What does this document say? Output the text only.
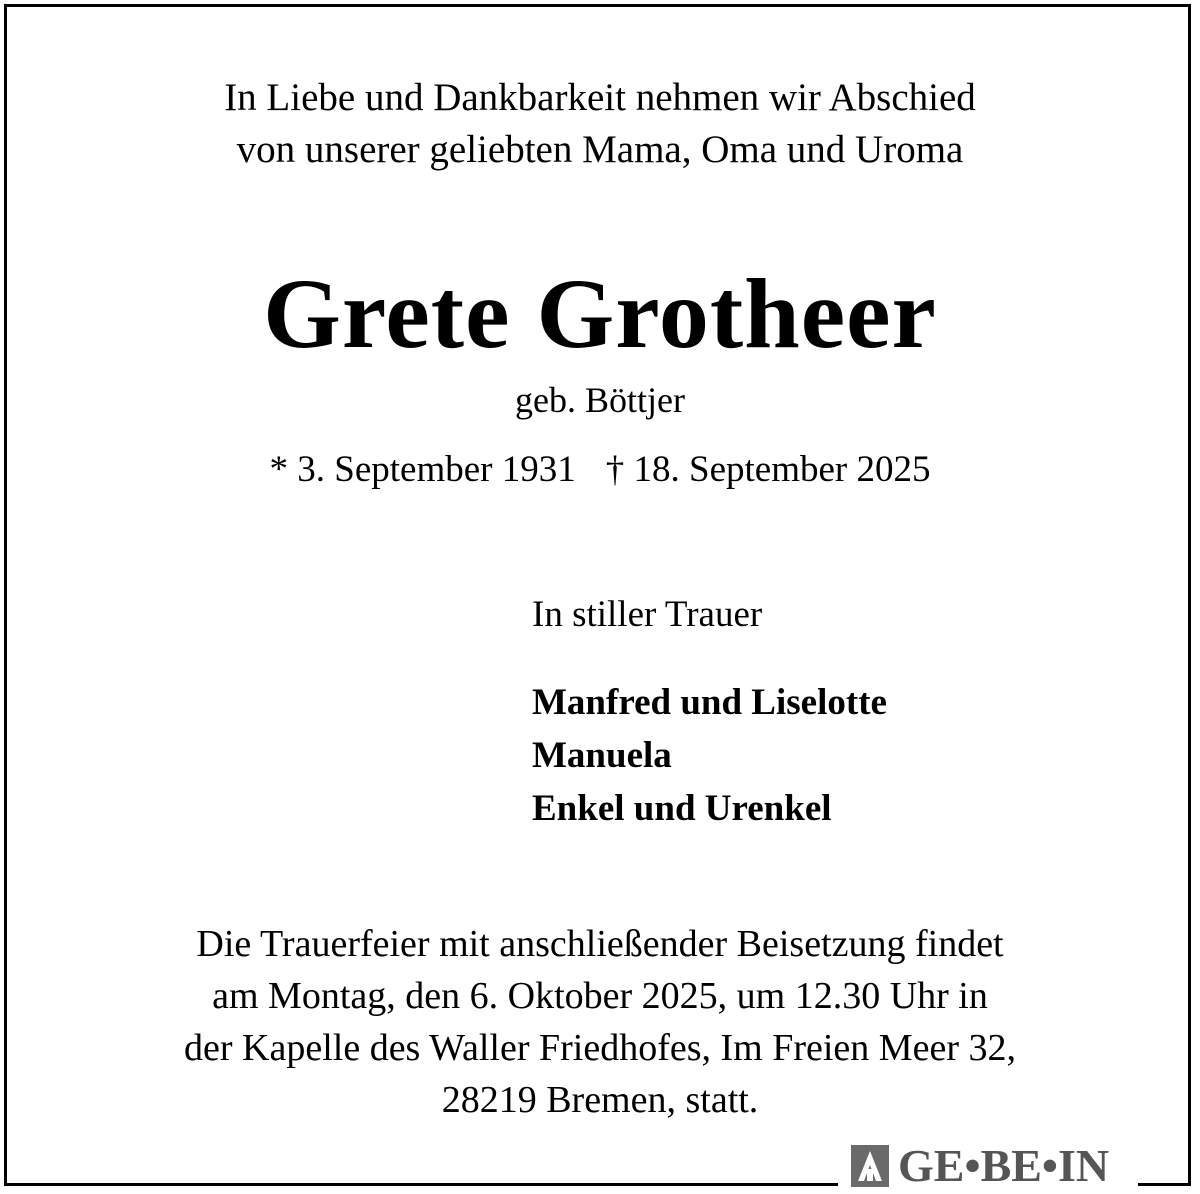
In Liebe und Dankbarkeit nehmen wir Abschied
von unserer geliebten Mama, Oma und Uroma
Grete Grotheer
geb. Böttjer
* 3. September 1931 † 18. September 2025
In stiller Trauer
Manfred und Liselotte
Manuela
Enkel und Urenkel
Die Trauerfeier mit anschließender Beisetzung findet
am Montag, den 6. Oktober 2025, um 12.30 Uhr in
der Kapelle des Waller Friedhofes, Im Freien Meer 32,
28219 Bremen, statt.
GE•BE•IN
